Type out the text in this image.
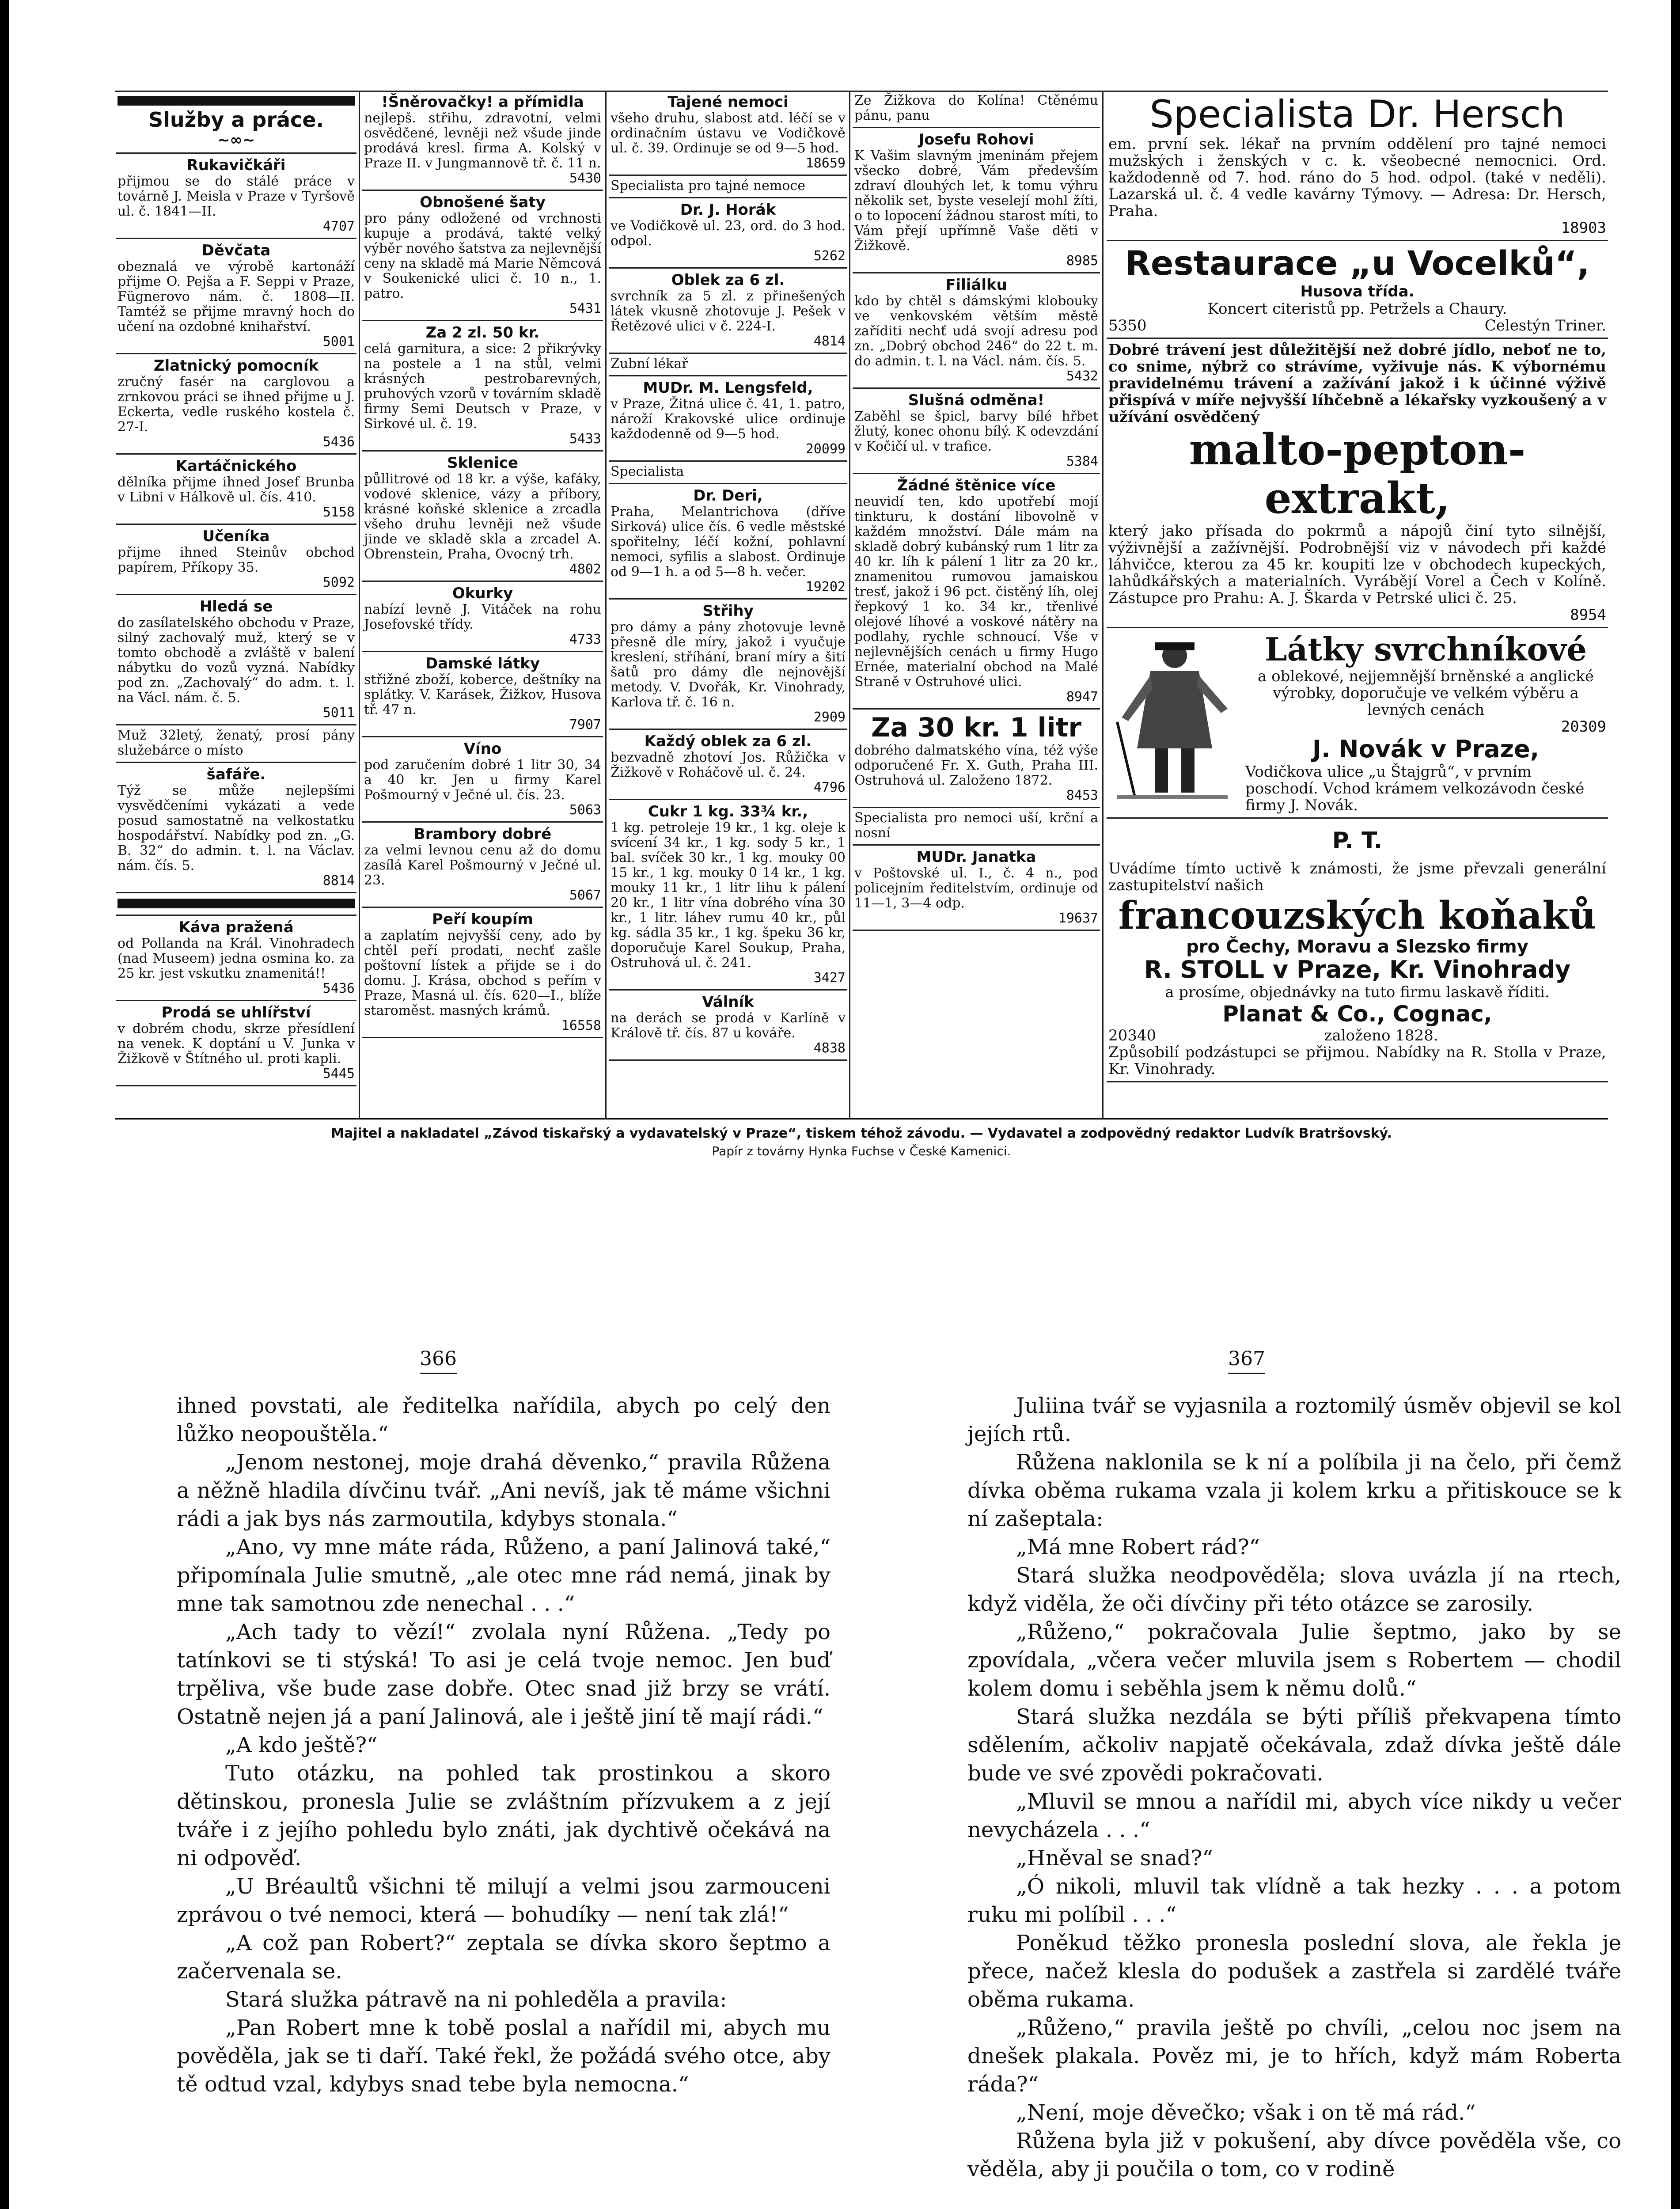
Služby a práce.
~∞~
Rukavičkáři
přijmou se do stálé práce v továrně J. Meisla v Praze v Tyršově ul. č. 1841—II.
4707
Děvčata
obeznalá ve výrobě kartonáží přijme O. Pejša a F. Seppi v Praze, Fügnerovo nám. č. 1808—II. Tamtéž se přijme mravný hoch do učení na ozdobné knihařství.
5001
Zlatnický pomocník
zručný fasér na carglovou a zrnkovou práci se ihned přijme u J. Eckerta, vedle ruského kostela č. 27-I.
5436
Kartáčnického
dělníka přijme ihned Josef Brunba v Libni v Hálkově ul. čís. 410.
5158
Učeníka
přijme ihned Steinův obchod papírem, Příkopy 35.
5092
Hledá se
do zasílatelského obchodu v Praze, silný zachovalý muž, který se v tomto obchodě a zvláště v balení nábytku do vozů vyzná. Nabídky pod zn. „Zachovalý“ do adm. t. l. na Václ. nám. č. 5.
5011
Muž 32letý, ženatý, prosí pány služebárce o místo
šafáře.
Týž se může nejlepšími vysvědčeními vykázati a vede posud samostatně na velkostatku hospodářství. Nabídky pod zn. „G. B. 32“ do admin. t. l. na Václav. nám. čís. 5.
8814
Káva pražená
od Pollanda na Král. Vinohradech (nad Museem) jedna osmina ko. za 25 kr. jest vskutku znamenitá!!
5436
Prodá se uhlířství
v dobrém chodu, skrze přesídlení na venek. K doptání u V. Junka v Žižkově v Štítného ul. proti kapli.
5445
!Šněrovačky! a přímidla
nejlepš. střihu, zdravotní, velmi osvědčené, levněji než všude jinde prodává kresl. firma A. Kolský v Praze II. v Jungmannově tř. č. 11 n.
5430
Obnošené šaty
pro pány odložené od vrchnosti kupuje a prodává, takté velký výběr nového šatstva za nejlevnější ceny na skladě má Marie Němcová v Soukenické ulici č. 10 n., 1. patro.
5431
Za 2 zl. 50 kr.
celá garnitura, a sice: 2 přikrývky na postele a 1 na stůl, velmi krásných pestrobarevných, pruhových vzorů v továrním skladě firmy Semi Deutsch v Praze, v Sirkové ul. č. 19.
5433
Sklenice
půllitrové od 18 kr. a výše, kafáky, vodové sklenice, vázy a příbory, krásné koňské sklenice a zrcadla všeho druhu levněji než všude jinde ve skladě skla a zrcadel A. Obrenstein, Praha, Ovocný trh.
4802
Okurky
nabízí levně J. Vitáček na rohu Josefovské třídy.
4733
Damské látky
střižné zboží, koberce, deštníky na splátky. V. Karásek, Žižkov, Husova tř. 47 n.
7907
Víno
pod zaručením dobré 1 litr 30, 34 a 40 kr. Jen u firmy Karel Pošmourný v Ječné ul. čís. 23.
5063
Brambory dobré
za velmi levnou cenu až do domu zasílá Karel Pošmourný v Ječné ul. 23.
5067
Peří koupím
a zaplatím nejvyšší ceny, ado by chtěl peří prodati, nechť zašle poštovní lístek a přijde se i do domu. J. Krása, obchod s peřím v Praze, Masná ul. čís. 620—I., blíže staroměst. masných krámů.
16558
Tajené nemoci
všeho druhu, slabost atd. léčí se v ordinačním ústavu ve Vodičkově ul. č. 39. Ordinuje se od 9—5 hod.
18659
Specialista pro tajné nemoce
Dr. J. Horák
ve Vodičkově ul. 23, ord. do 3 hod. odpol.
5262
Oblek za 6 zl.
svrchník za 5 zl. z přinešených látek vkusně zhotovuje J. Pešek v Řetězové ulici v č. 224-I.
4814
Zubní lékař
MUDr. M. Lengsfeld,
v Praze, Žitná ulice č. 41, 1. patro, nároží Krakovské ulice ordinuje každodenně od 9—5 hod.
20099
Specialista
Dr. Deri,
Praha, Melantrichova (dříve Sirková) ulice čís. 6 vedle městské spořitelny, léčí kožní, pohlavní nemoci, syfilis a slabost. Ordinuje od 9—1 h. a od 5—8 h. večer.
19202
Střihy
pro dámy a pány zhotovuje levně přesně dle míry, jakož i vyučuje kreslení, stříhání, braní míry a šití šatů pro dámy dle nejnovější metody. V. Dvořák, Kr. Vinohrady, Karlova tř. č. 16 n.
2909
Každý oblek za 6 zl.
bezvadně zhotoví Jos. Růžička v Žižkově v Roháčově ul. č. 24.
4796
Cukr 1 kg. 33¾ kr.,
1 kg. petroleje 19 kr., 1 kg. oleje k svícení 34 kr., 1 kg. sody 5 kr., 1 bal. svíček 30 kr., 1 kg. mouky 00 15 kr., 1 kg. mouky 0 14 kr., 1 kg. mouky 11 kr., 1 litr lihu k pálení 20 kr., 1 litr vína dobrého vína 30 kr., 1 litr. láhev rumu 40 kr., půl kg. sádla 35 kr., 1 kg. špeku 36 kr, doporučuje Karel Soukup, Praha, Ostruhová ul. č. 241.
3427
Válník
na derách se prodá v Karlíně v Králově tř. čís. 87 u kováře.
4838
Ze Žižkova do Kolína! Ctěnému pánu, panu
Josefu Rohovi
K Vašim slavným jmeninám přejem všecko dobré, Vám především zdraví dlouhých let, k tomu výhru několik set, byste veselejí mohl žíti, o to lopocení žádnou starost míti, to Vám přejí upřímně Vaše děti v Žižkově.
8985
Filiálku
kdo by chtěl s dámskými klobouky ve venkovském větším městě zaříditi nechť udá svojí adresu pod zn. „Dobrý obchod 246“ do 22 t. m. do admin. t. l. na Václ. nám. čís. 5.
5432
Slušná odměna!
Zaběhl se špicl, barvy bílé hřbet žlutý, konec ohonu bílý. K odevzdání v Kočičí ul. v trafice.
5384
Žádné štěnice více
neuvidí ten, kdo upotřebí mojí tinkturu, k dostání libovolně v každém množství. Dále mám na skladě dobrý kubánský rum 1 litr za 40 kr. líh k pálení 1 litr za 20 kr., znamenitou rumovou jamaiskou tresť, jakož i 96 pct. čistěný líh, olej řepkový 1 ko. 34 kr., třenlivé olejové líhové a voskové nátěry na podlahy, rychle schnoucí. Vše v nejlevnějších cenách u firmy Hugo Ernée, materialní obchod na Malé Straně v Ostruhové ulici.
8947
Za 30 kr. 1 litr
dobrého dalmatského vína, též výše odporučené Fr. X. Guth, Praha III. Ostruhová ul. Založeno 1872.
8453
Specialista pro nemoci uší, krční a nosní
MUDr. Janatka
v Poštovské ul. I., č. 4 n., pod policejním ředitelstvím, ordinuje od 11—1, 3—4 odp.
19637
Specialista Dr. Hersch
em. první sek. lékař na prvním oddělení pro tajné nemoci mužských i ženských v c. k. všeobecné nemocnici. Ord. každodenně od 7. hod. ráno do 5 hod. odpol. (také v neděli). Lazarská ul. č. 4 vedle kavárny Týmovy. — Adresa: Dr. Hersch, Praha.
18903
Restaurace „u Vocelků“,
Husova třída.
Koncert citeristů pp. Petržels a Chaury.
5350	Celestýn Triner.
Dobré trávení jest důležitější než dobré jídlo, neboť ne to, co snime, nýbrž co strávíme, vyživuje nás. K výbornému pravidelnému trávení a zažívání jakož i k účinné výživě přispívá v míře nejvyšší líhčebně a lékařsky vyzkoušený a v užívání osvědčený
malto-pepton-extrakt,
který jako přísada do pokrmů a nápojů činí tyto silnější, výživnější a zažívnější. Podrobnější viz v návodech při každé láhvičce, kterou za 45 kr. koupiti lze v obchodech kupeckých, lahůdkářských a materialních. Vyrábějí Vorel a Čech v Kolíně. Zástupce pro Prahu: A. J. Škarda v Petrské ulici č. 25.
8954
Látky svrchníkové
a oblekové, nejjemnější brněnské a anglické výrobky, doporučuje ve velkém výběru a levných cenách
20309
J. Novák v Praze,
Vodičkova ulice „u Štajgrů“, v prvním poschodí. Vchod krámem velkozávodn české firmy J. Novák.
P. T.
Uvádíme tímto uctivě k známosti, že jsme převzali generální zastupitelství našich
francouzských koňaků
pro Čechy, Moravu a Slezsko firmy
R. STOLL v Praze, Kr. Vinohrady
a prosíme, objednávky na tuto firmu laskavě říditi.
Planat & Co., Cognac,
20340	založeno 1828.
Způsobilí podzástupci se přijmou. Nabídky na R. Stolla v Praze, Kr. Vinohrady.
Majitel a nakladatel „Závod tiskařský a vydavatelský v Praze“, tiskem téhož závodu. — Vydavatel a zodpovědný redaktor Ludvík Bratršovský.
Papír z továrny Hynka Fuchse v České Kamenici.
366	367

ihned povstati, ale ředitelka nařídila, abych po celý den lůžko neopouštěla.“

„Jenom nestonej, moje drahá děvenko,“ pravila Růžena a něžně hladila dívčinu tvář. „Ani nevíš, jak tě máme všichni rádi a jak bys nás zarmoutila, kdybys stonala.“

„Ano, vy mne máte ráda, Růženo, a paní Jalinová také,“ připomínala Julie smutně, „ale otec mne rád nemá, jinak by mne tak samotnou zde nenechal . . .“

„Ach tady to vězí!“ zvolala nyní Růžena. „Tedy po tatínkovi se ti stýská! To asi je celá tvoje nemoc. Jen buď trpěliva, vše bude zase dobře. Otec snad již brzy se vrátí. Ostatně nejen já a paní Jalinová, ale i ještě jiní tě mají rádi.“

„A kdo ještě?“

Tuto otázku, na pohled tak prostinkou a skoro dětinskou, pronesla Julie se zvláštním přízvukem a z její tváře i z jejího pohledu bylo znáti, jak dychtivě očekává na ni odpověď.

„U Bréaultů všichni tě milují a velmi jsou zarmouceni zprávou o tvé nemoci, která — bohudíky — není tak zlá!“

„A což pan Robert?“ zeptala se dívka skoro šeptmo a začervenala se.

Stará služka pátravě na ni pohleděla a pravila:

„Pan Robert mne k tobě poslal a nařídil mi, abych mu pověděla, jak se ti daří. Také řekl, že požádá svého otce, aby tě odtud vzal, kdybys snad tebe byla nemocna.“

Juliina tvář se vyjasnila a roztomilý úsměv objevil se kol jejích rtů.

Růžena naklonila se k ní a políbila ji na čelo, při čemž dívka oběma rukama vzala ji kolem krku a přitiskouce se k ní zašeptala:

„Má mne Robert rád?“

Stará služka neodpověděla; slova uvázla jí na rtech, když viděla, že oči dívčiny při této otázce se zarosily.

„Růženo,“ pokračovala Julie šeptmo, jako by se zpovídala, „včera večer mluvila jsem s Robertem — chodil kolem domu i seběhla jsem k němu dolů.“

Stará služka nezdála se býti příliš překvapena tímto sdělením, ačkoliv napjatě očekávala, zdaž dívka ještě dále bude ve své zpovědi pokračovati.

„Mluvil se mnou a nařídil mi, abych více nikdy u večer nevycházela . . .“

„Hněval se snad?“

„Ó nikoli, mluvil tak vlídně a tak hezky . . . a potom ruku mi políbil . . .“

Poněkud těžko pronesla poslední slova, ale řekla je přece, načež klesla do podušek a zastřela si zardělé tváře oběma rukama.

„Růženo,“ pravila ještě po chvíli, „celou noc jsem na dnešek plakala. Pověz mi, je to hřích, když mám Roberta ráda?“

„Není, moje děvečko; však i on tě má rád.“

Růžena byla již v pokušení, aby dívce pověděla vše, co věděla, aby ji poučila o tom, co v rodině
